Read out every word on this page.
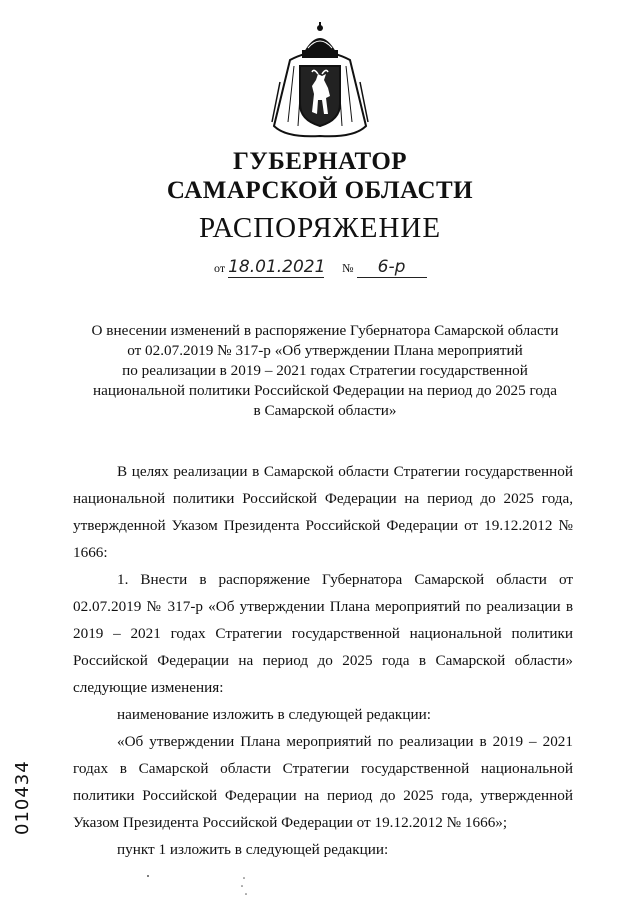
ГУБЕРНАТОР
САМАРСКОЙ ОБЛАСТИ
РАСПОРЯЖЕНИЕ
от 18.01.2021 № 6-р
О внесении изменений в распоряжение Губернатора Самарской области
от 02.07.2019 № 317-р «Об утверждении Плана мероприятий
по реализации в 2019 – 2021 годах Стратегии государственной
национальной политики Российской Федерации на период до 2025 года
в Самарской области»
В целях реализации в Самарской области Стратегии государственной национальной политики Российской Федерации на период до 2025 года, утвержденной Указом Президента Российской Федерации от 19.12.2012 № 1666:
1. Внести в распоряжение Губернатора Самарской области от 02.07.2019 № 317-р «Об утверждении Плана мероприятий по реализации в 2019 – 2021 годах Стратегии государственной национальной политики Российской Федерации на период до 2025 года в Самарской области» следующие изменения:
наименование изложить в следующей редакции:
«Об утверждении Плана мероприятий по реализации в 2019 – 2021 годах в Самарской области Стратегии государственной национальной политики Российской Федерации на период до 2025 года, утвержденной Указом Президента Российской Федерации от 19.12.2012 № 1666»;
пункт 1 изложить в следующей редакции:
010434
